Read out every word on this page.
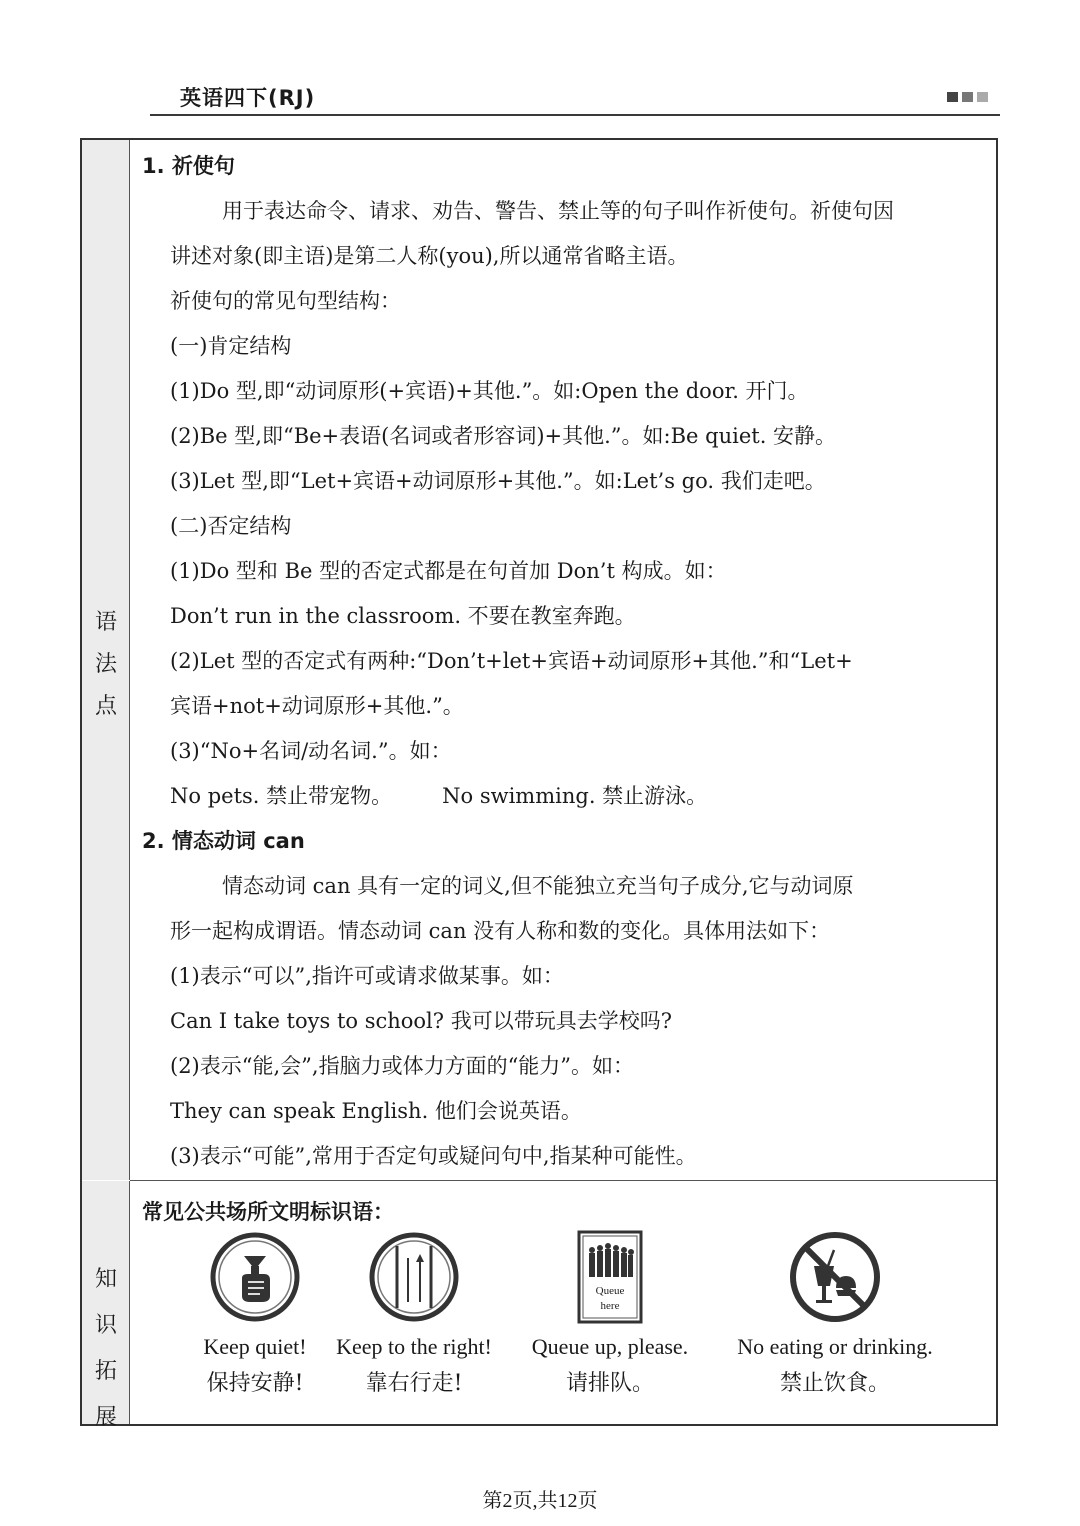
英语四下(RJ)
语
法
点
知
识
拓
展
1. 祈使句
用于表达命令、请求、劝告、警告、禁止等的句子叫作祈使句。祈使句因
讲述对象(即主语)是第二人称(you),所以通常省略主语。
祈使句的常见句型结构：
(一)肯定结构
(1)Do 型,即“动词原形(+宾语)+其他.”。如:Open the door. 开门。
(2)Be 型,即“Be+表语(名词或者形容词)+其他.”。如:Be quiet. 安静。
(3)Let 型,即“Let+宾语+动词原形+其他.”。如:Let’s go. 我们走吧。
(二)否定结构
(1)Do 型和 Be 型的否定式都是在句首加 Don’t 构成。如：
Don’t run in the classroom. 不要在教室奔跑。
(2)Let 型的否定式有两种:“Don’t+let+宾语+动词原形+其他.”和“Let+
宾语+not+动词原形+其他.”。
(3)“No+名词/动名词.”。如：
No pets. 禁止带宠物。 No swimming. 禁止游泳。
2. 情态动词 can
情态动词 can 具有一定的词义,但不能独立充当句子成分,它与动词原
形一起构成谓语。情态动词 can 没有人称和数的变化。具体用法如下：
(1)表示“可以”,指许可或请求做某事。如：
Can I take toys to school? 我可以带玩具去学校吗?
(2)表示“能,会”,指脑力或体力方面的“能力”。如：
They can speak English. 他们会说英语。
(3)表示“可能”,常用于否定句或疑问句中,指某种可能性。
常见公共场所文明标识语：
Keep quiet!
保持安静!
Keep to the right!
靠右行走!
Queue
here
Queue up, please.
请排队。
No eating or drinking.
禁止饮食。
第2页,共12页
